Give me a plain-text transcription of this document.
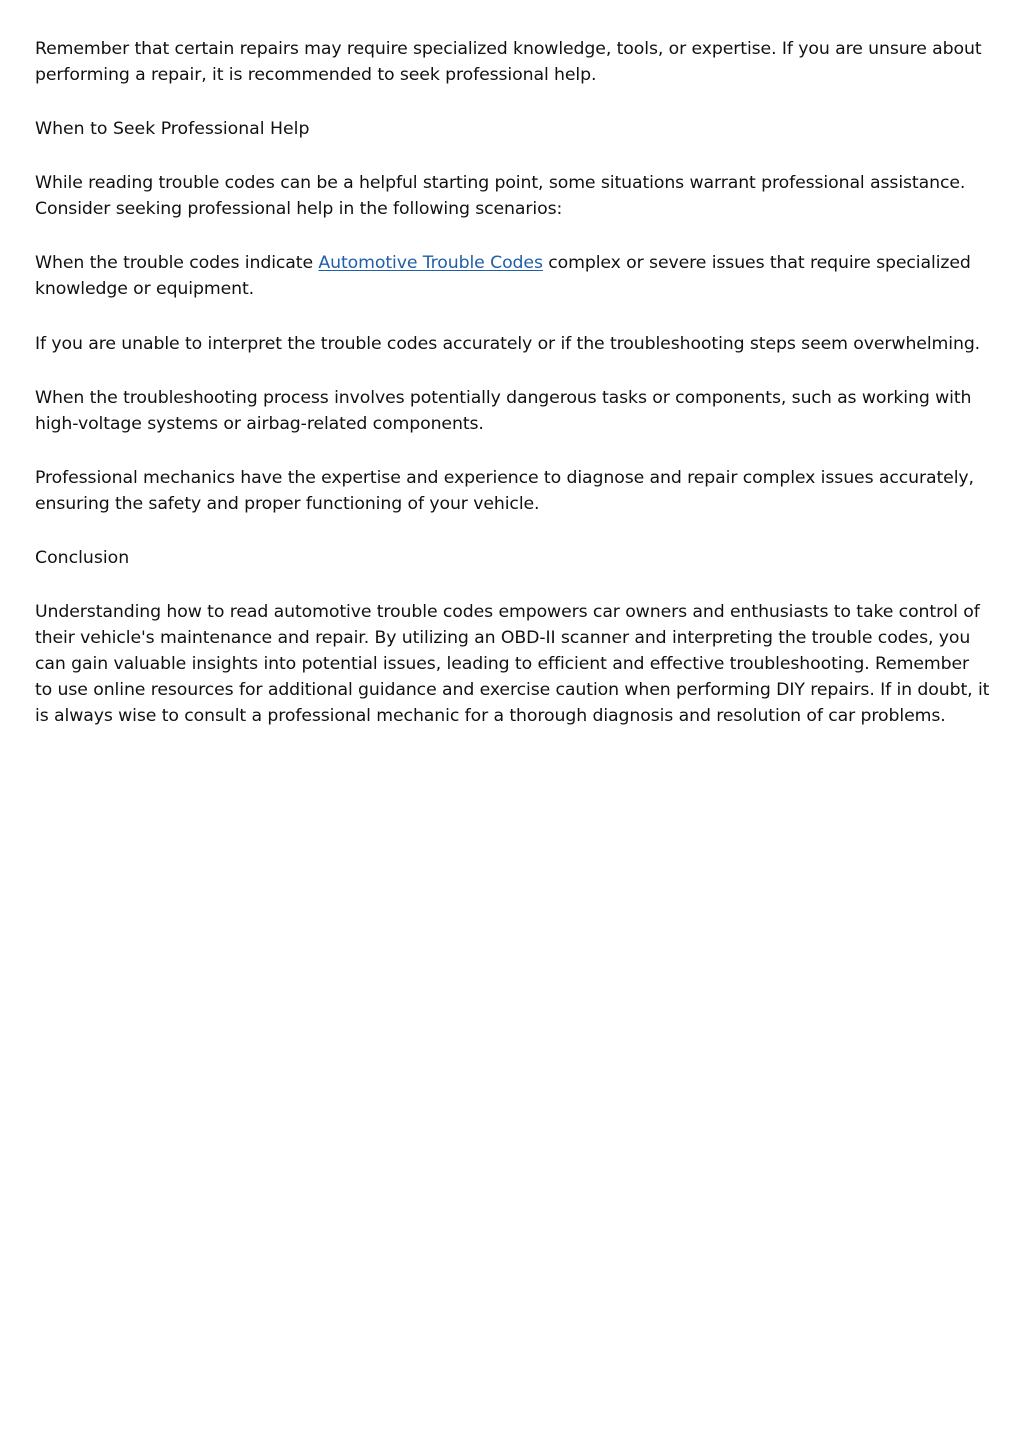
Remember that certain repairs may require specialized knowledge, tools, or expertise. If you are unsure about performing a repair, it is recommended to seek professional help.

When to Seek Professional Help

While reading trouble codes can be a helpful starting point, some situations warrant professional assistance. Consider seeking professional help in the following scenarios:

When the trouble codes indicate Automotive Trouble Codes complex or severe issues that require specialized knowledge or equipment.

If you are unable to interpret the trouble codes accurately or if the troubleshooting steps seem overwhelming.

When the troubleshooting process involves potentially dangerous tasks or components, such as working with high-voltage systems or airbag-related components.

Professional mechanics have the expertise and experience to diagnose and repair complex issues accurately, ensuring the safety and proper functioning of your vehicle.

Conclusion

Understanding how to read automotive trouble codes empowers car owners and enthusiasts to take control of their vehicle's maintenance and repair. By utilizing an OBD-II scanner and interpreting the trouble codes, you can gain valuable insights into potential issues, leading to efficient and effective troubleshooting. Remember to use online resources for additional guidance and exercise caution when performing DIY repairs. If in doubt, it is always wise to consult a professional mechanic for a thorough diagnosis and resolution of car problems.
